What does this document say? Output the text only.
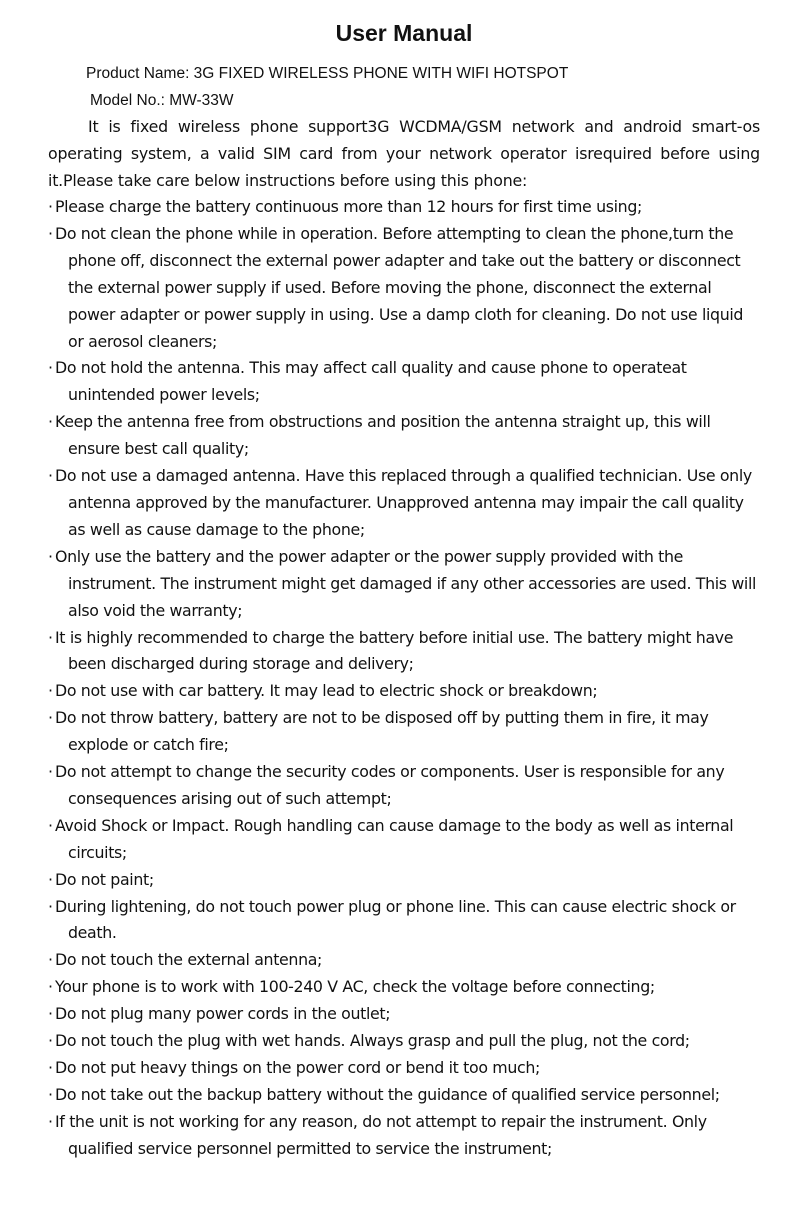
User Manual
Product Name: 3G FIXED WIRELESS PHONE WITH WIFI HOTSPOT
Model No.: MW-33W

It is fixed wireless phone support3G WCDMA/GSM network and android smart-os operating system, a valid SIM card from your network operator isrequired before using it.Please take care below instructions before using this phone:

· Please charge the battery continuous more than 12 hours for first time using;
· Do not clean the phone while in operation. Before attempting to clean the phone,turn the phone off, disconnect the external power adapter and take out the battery or disconnect the external power supply if used. Before moving the phone, disconnect the external power adapter or power supply in using. Use a damp cloth for cleaning. Do not use liquid or aerosol cleaners;
· Do not hold the antenna. This may affect call quality and cause phone to operateat unintended power levels;
· Keep the antenna free from obstructions and position the antenna straight up, this will ensure best call quality;
· Do not use a damaged antenna. Have this replaced through a qualified technician. Use only antenna approved by the manufacturer. Unapproved antenna may impair the call quality as well as cause damage to the phone;
· Only use the battery and the power adapter or the power supply provided with the instrument. The instrument might get damaged if any other accessories are used. This will also void the warranty;
· It is highly recommended to charge the battery before initial use. The battery might have been discharged during storage and delivery;
· Do not use with car battery. It may lead to electric shock or breakdown;
· Do not throw battery, battery are not to be disposed off by putting them in fire, it may explode or catch fire;
· Do not attempt to change the security codes or components. User is responsible for any consequences arising out of such attempt;
· Avoid Shock or Impact. Rough handling can cause damage to the body as well as internal circuits;
· Do not paint;
· During lightening, do not touch power plug or phone line. This can cause electric shock or death.
· Do not touch the external antenna;
· Your phone is to work with 100-240 V AC, check the voltage before connecting;
· Do not plug many power cords in the outlet;
· Do not touch the plug with wet hands. Always grasp and pull the plug, not the cord;
· Do not put heavy things on the power cord or bend it too much;
· Do not take out the backup battery without the guidance of qualified service personnel;
· If the unit is not working for any reason, do not attempt to repair the instrument. Only qualified service personnel permitted to service the instrument;
